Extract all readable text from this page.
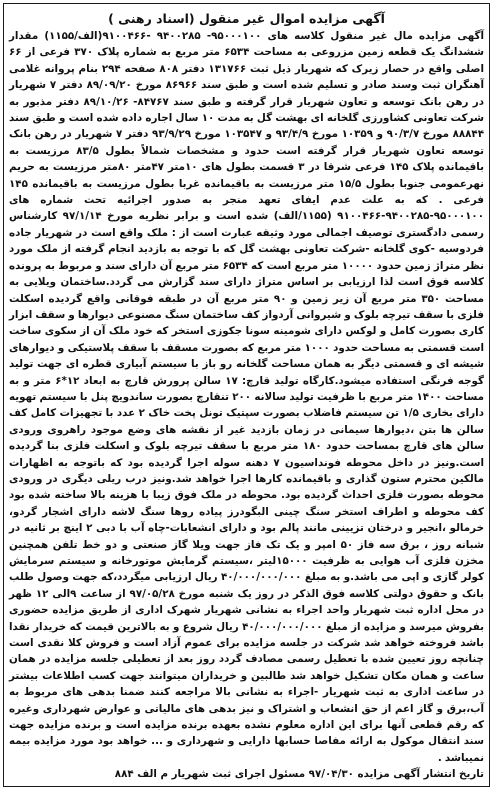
آگهی مزایده اموال غیر منقول (اسناد رهنی )

آگهی مزایده مال غیر منقول کلاسه های ۹۵۰۰۰۱۰۰- ۹۴۰۰۲۸۵ -۹۱۰۰۴۶۶(الف/۱۱۵۵) مقدار ششدانگ یک قطعه زمین مزروعی به مساحت ۶۵۳۴ متر مربع به شماره پلاک ۳۷۰ فرعی از ۶۶ اصلی واقع در حصار زیرک که شهریار ذیل ثبت ۱۳۱۷۶۶ دفتر ۸۰۸ صفحه ۲۹۴ بنام پروانه غلامی آهنگران ثبت وسند صادر و تسلیم شده است و طبق سند ۸۶۹۶۶ مورخ ۸۹/۰۹/۲۰ دفتر ۷ شهریار در رهن بانک توسعه و تعاون شهریار قرار گرفته و طبق سند ۸۴۷۶۷- ۸۹/۱۰/۲۶ دفتر مذبور به شرکت تعاونی کشاورزی گلخانه ای بهشت گل به مدت ۱۰ سال اجاره داده شده است و طبق سند ۸۸۸۴۴ مورخ ۹۰/۳/۷ و ۱۰۳۵۹ مورخ ۹۳/۴/۹ و ۱۰۳۵۴۷ مورخ ۹۳/۹/۲۹ دفتر ۷ شهریار در رهن بانک توسعه تعاون شهریار قرار گرفته است حدود و مشخصات شمالاً بطول ۸۳/۵ مرزیست به باقیمانده پلاک ۱۴۵ فرعی شرقا در ۳ قسمت بطول های ۱۰متر ۴۷متر ۸۰متر مرزیست به حریم نهرعمومی جنوبا بطول ۱۵/۵ متر مرزیست به باقیمانده غربا بطول مرزیست به باقیمانده ۱۴۵ فرعی . که به علت عدم ایفای تعهد منجر به صدور اجرائیه تحت شماره های ۹۵۰۰۰۱۰۰-۹۴۰۰۲۸۵-۹۱۰۰۴۶۶ (۱۱۵۵/الف) شده است و برابر نظریه مورخ ۹۷/۱/۱۴ کارشناس رسمی دادگستری توصیف اجمالی مورد وثیقه عبارت است از : ملک واقع است در شهریار جاده فردوسیه -کوی گلخانه -شرکت تعاونی بهشت گل که با توجه به بازدید انجام گرفته از ملک مورد نظر متراژ زمین حدود ۱۰۰۰۰ متر مربع است که ۶۵۳۴ متر مربع آن دارای سند و مربوط به پرونده کلاسه فوق است لذا ارزیابی بر اساس متراژ دارای سند گزارش می گردد.ساختمان ویلایی به مساحت ۳۵۰ متر مربع آن زیر زمین و ۹۰ متر مربع آن در طبقه فوقانی واقع گردیده اسکلت فلزی با سقف تیرچه بلوک و شیروانی آردواز کف ساختمان سنگ مصنوعی دیوارها و سقف ابزار کاری بصورت کامل و لوکس دارای شومینه سونا جکوزی استخر که خود ملک آن از سکوی ساخت است قسمتی به مساحت حدود ۱۰۰۰ متر مربع که بصورت مسقف با سقف پلاستیکی و دیوارهای شیشه ای و قسمتی دیگر به همان مساحت گلخانه رو باز با سیستم آبیاری قطره ای جهت تولید گوجه فرنگی استفاده میشود.کارگاه تولید قارچ: ۱۷ سالن پرورش قارچ به ابعاد ۱۲*۶ متر و به مساحت ۱۴۰۰ متر مربع با ظرفیت تولید سالانه ۲۰۰ تنقارچ بصورت ساندویچ پنل با سیستم تهویه دارای بخاری ۱/۵ تن سیستم فاضلاب بصورت سپتیک تونل پخت خاک ۲ عدد با تجهیزات کامل کف سالن ها بتن ،دیوارها سیمانی در زمان بازدید غیر از نقشه های وضع موجود راهروی ورودی سالن های قارچ بمساحت حدود ۱۸۰ متر مربع با سقف تیرچه بلوک و اسکلت فلزی بنا گردیده است.ونیز در داخل محوطه فونداسیون ۷ دهنه سوله اجرا گردیده بود که باتوجه به اظهارات مالکین محترم ستون گذاری و باقیمانده کارها اجرا خواهد شد.ونیز درب ریلی دیگری در ورودی محوطه بصورت فلزی احداث گردیده بود. محوطه در ملک فوق زیبا با هزینه بالا ساخته شده بود کف محوطه و اطراف استخر سنگ چینی البگودرز پیاده روها سنگ لاشه دارای اشجار گردو، خرمالو ،انجیر و درختان تزیینی مانند پالم بود و دارای انشعابات-چاه آب با دبی ۲ اینچ بر ثانیه در شبانه روز ، برق سه فاز ۵۰ امپر و یک تک فاز جهت ویلا گاز صنعتی و دو خط تلفن همچنین مخزن فلزی آب هوایی به ظرفیت ۱۵۰۰۰لیتر ،سیستم گرمایش موتورخانه و سیستم سرمایش کولر گازی و اپی می باشد.و به مبلغ ۴۰/۰۰۰/۰۰۰/۰۰۰ ریال ارزیابی میگردد،که جهت وصول طلب بانک و حقوق دولتی کلاسه فوق الذکر در روز یک شنبه مورخ ۹۷/۰۵/۲۸ از ساعت ۹الی ۱۲ ظهر در محل اداره ثبت شهریار واحد اجراء به نشانی شهریار شهرک اداری از طریق مزایده حضوری بفروش میرسد و مزایده از مبلغ ۴۰/۰۰۰/۰۰۰/۰۰۰ ریال شروع و به بالاترین قیمت که خریدار نقدا باشد فروخته خواهد شد شرکت در جلسه مزایده برای عموم آزاد است و فروش کلا نقدی است چنانچه روز تعیین شده با تعطیل رسمی مصادف گردد روز بعد از تعطیلی جلسه مزایده در همان ساعت و همان مکان تشکیل خواهد شد طالبین و خریداران میتوانند جهت کسب اطلاعات بیشتر در ساعت اداری به ثبت شهریار -اجراء به نشانی بالا مراجعه کنند ضمنا بدهی های مربوط به آب،برق و گاز اعم از حق انشعاب و اشتراک و نیز بدهی های مالیاتی و عوارض شهرداری وغیره که رقم قطعی آنها برای این اداره معلوم نشده بعهده برنده مزایده است و برنده مزایده جهت سند انتقال موکول به ارائه مفاصا حسابها دارایی و شهرداری و ... خواهد بود مورد مزایده بیمه نمیباشد .

تاریخ انتشار آگهی مزایده ۹۷/۰۴/۳۰ مسئول اجرای ثبت شهریار م الف ۸۸۴
